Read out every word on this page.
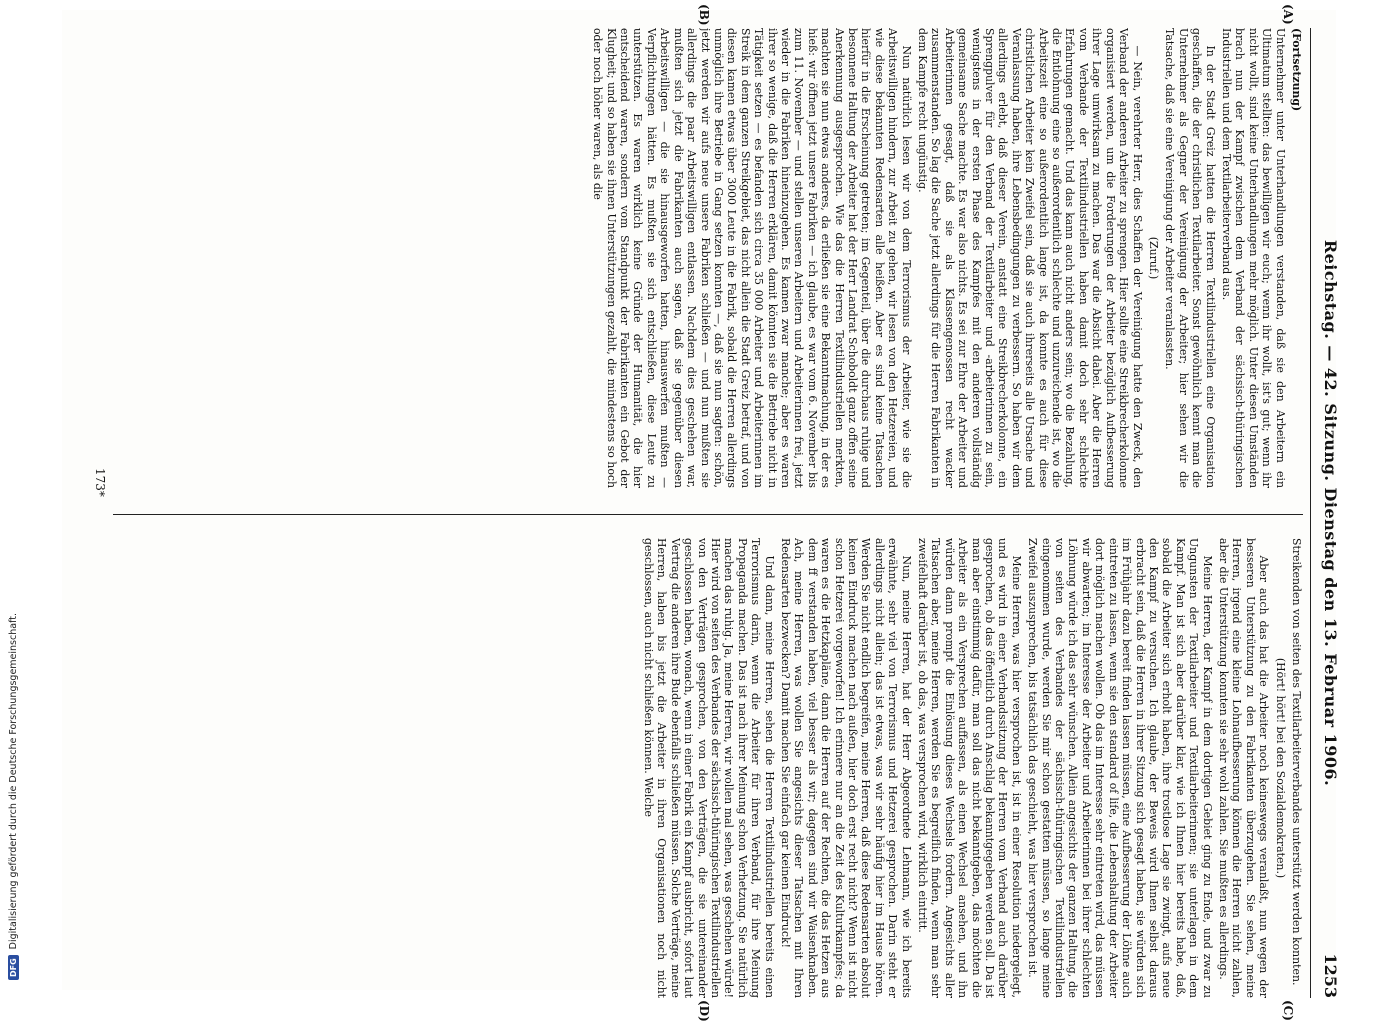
Reichstag. — 42. Sitzung. Dienstag den 13. Februar 1906.
1253

(Fortsetzung)

Unternehmer unter Unterhandlungen verstanden, daß sie den Arbeitern ein Ultimatum stellten: das bewilligen wir euch; wenn ihr wollt, ist's gut; wenn ihr nicht wollt, sind keine Unterhandlungen mehr möglich. Unter diesen Umständen brach nun der Kampf zwischen dem Verband der sächsisch-thüringischen Industriellen und dem Textilarbeiterverband aus.

In der Stadt Greiz hatten die Herren Textilindustriellen eine Organisation geschaffen, die der christlichen Textilarbeiter. Sonst gewöhnlich kennt man die Unternehmer als Gegner der Vereinigung der Arbeiter; hier sehen wir die Tatsache, daß sie eine Vereinigung der Arbeiter veranlassten.

(Zuruf.)

— Nein, verehrter Herr, dies Schaffen der Vereinigung hatte den Zweck, den Verband der anderen Arbeiter zu sprengen. Hier sollte eine Streikbrecherkolonne organisiert werden, um die Forderungen der Arbeiter bezüglich Aufbesserung ihrer Lage umwirksam zu machen. Das war die Absicht dabei. Aber die Herren vom Verbande der Textilindustriellen haben damit doch sehr schlechte Erfahrungen gemacht. Und das kann auch nicht anders sein; wo die Bezahlung, die Entlohnung eine so außerordentlich schlechte und unzureichende ist, wo die Arbeitszeit eine so außerordentlich lange ist, da konnte es auch für diese christlichen Arbeiter kein Zweifel sein, daß sie auch ihrerseits alle Ursache und Veranlassung haben, ihre Lebensbedingungen zu verbessern. So haben wir dem allerdings erlebt, daß dieser Verein, anstatt eine Streikbrecherkolonne, ein Sprengpulver für den Verband der Textilarbeiter und -arbeiterinnen zu sein, wenigstens in der ersten Phase des Kampfes mit den anderen vollständig gemeinsame Sache machte. Es war also nichts. Es sei zur Ehre der Arbeiter und Arbeiterinnen gesagt, daß sie als Klassengenossen recht wacker zusammenstanden. So lag die Sache jetzt allerdings für die Herren Fabrikanten in dem Kampfe recht ungünstig.

Nun natürlich lesen wir von dem Terrorismus der Arbeiter, wie sie die Arbeitswilligen hindern, zur Arbeit zu gehen, wir lesen von den Hetzereien, und wie diese bekannten Redensarten alle heißen. Aber es sind keine Tatsachen hierfür in die Erscheinung getreten; im Gegenteil, über die durchaus ruhige und besonnene Haltung der Arbeiter hat der Herr Landrat Schoboldt ganz offen seine Anerkennung ausgesprochen. Wie das die Herren Textilindustriellen merkten, machten sie nun etwas anderes, da erließen sie eine Bekanntmachung, in der es hieß: wir öffnen jetzt unsere Fabriken — ich glaube, es war vom 6. November bis zum 11. November — und stellen unseren Arbeitern und Arbeiterinnen frei, jetzt wieder in die Fabriken hineinzugehen. Es kamen zwar manche; aber es waren ihrer so wenige, daß die Herren erklären, damit könnten sie die Betriebe nicht in Tätigkeit setzen — es befanden sich circa 35 000 Arbeiter und Arbeiterinnen im Streik in dem ganzen Streikgebiet, das nicht allein die Stadt Greiz betraf, und von diesen kamen etwas über 3000 Leute in die Fabrik, sobald die Herren allerdings unmöglich ihre Betriebe in Gang setzen konnten —, daß sie nun sagten: schön, jetzt werden wir aufs neue unsere Fabriken schließen — und nun mußten sie allerdings die paar Arbeitswilligen entlassen. Nachdem dies geschehen war, mußten sich jetzt die Fabrikanten auch sagen, daß sie gegenüber diesen Arbeitswilligen — die sie hinausgeworfen hatten, hinauswerfen mußten — Verpflichtungen hätten. Es mußten sie sich entschließen, diese Leute zu unterstützen. Es waren wirklich keine Gründe der Humanität, die hier entscheidend waren, sondern vom Standpunkt der Fabrikanten ein Gebot der Klugheit; und so haben sie ihnen Unterstützungen gezahlt, die mindestens so hoch oder noch höher waren, als die

Streikenden von seiten des Textilarbeiterverbandes unterstützt werden konnten.

(Hört! hört! bei den Sozialdemokraten.)

Aber auch das hat die Arbeiter noch keineswegs veranlaßt, nun wegen der besseren Unterstützung zu den Fabrikanten überzugehen. Sie sehen, meine Herren, irgend eine kleine Lohnaufbesserung können die Herren nicht zahlen, aber die Unterstützung konnten sie sehr wohl zahlen. Sie mußten es allerdings.

Meine Herren, der Kampf in dem dortigen Gebiet ging zu Ende, und zwar zu Ungunsten der Textilarbeiter und Textilarbeiterinnen; sie unterlagen in dem Kampf. Man ist sich aber darüber klar, wie ich Ihnen hier bereits habe, daß, sobald die Arbeiter sich erholt haben, ihre trostlose Lage sie zwingt, aufs neue den Kampf zu versuchen. Ich glaube, der Beweis wird Ihnen selbst daraus erbracht sein, daß die Herren in ihrer Sitzung sich gesagt haben, sie würden sich im Frühjahr dazu bereit finden lassen müssen, eine Aufbesserung der Löhne auch eintreten zu lassen, wenn sie den standard of life, die Lebenshaltung der Arbeiter dort möglich machen wollen. Ob das im Interesse sehr eintreten wird, das müssen wir abwarten; im Interesse der Arbeiter und Arbeiterinnen bei ihrer schlechten Löhnung würde ich das sehr wünschen. Allein angesichts der ganzen Haltung, die von seiten des Verbandes der sächsisch-thüringischen Textilindustriellen eingenommen wurde, werden Sie mir schon gestatten müssen, so lange meine Zweifel auszusprechen, bis tatsächlich das geschieht, was hier versprochen ist.

Meine Herren, was hier versprochen ist, ist in einer Resolution niedergelegt, und es wird in einer Verbandssitzung der Herren vom Verband auch darüber gesprochen, ob das öffentlich durch Anschlag bekanntgegeben werden soll. Da ist man aber einstimmig dafür, man soll das nicht bekanntgeben, das möchten die Arbeiter als ein Versprechen auffassen, als einen Wechsel ansehen, und ihn würden dann prompt die Einlösung dieses Wechsels fordern. Angesichts aller Tatsachen aber, meine Herren, werden Sie es begreiflich finden, wenn man sehr zweifelhaft darüber ist, ob das, was versprochen wird, wirklich eintritt.

Nun, meine Herren, hat der Herr Abgeordnete Lehmann, wie ich bereits erwähnte, sehr viel von Terrorismus und Hetzerei gesprochen. Darin steht er allerdings nicht allein; das ist etwas, was wir sehr häufig hier im Hause hören. Werden Sie nicht endlich begreifen, meine Herren, daß diese Redensarten absolut keinen Eindruck machen nach außen, hier doch erst recht nicht? Wenn ist nicht schon Hetzerei vorgeworfen! Ich erinnere nur an die Zeit des Kulturkampfes; da waren es die Hetzkapläne, dann die Herren auf der Rechten, die das Hetzen aus dem ff verstanden haben, viel besser als wir; dagegen sind wir Waisenknaben. Ach, meine Herren, was wollen Sie angesichts dieser Tatsachen mit Ihren Redensarten bezwecken? Damit machen Sie einfach gar keinen Eindruck!

Und dann, meine Herren, sehen die Herren Textilindustriellen bereits einen Terrorismus darin, wenn die Arbeiter für ihren Verband, für ihre Meinung Propaganda machen. Das ist nach ihrer Meinung schon Verhetzung. Sie natürlich machen das ruhig. Ja, meine Herren, wir wollen mal sehen, was geschehen würde! Hier wird von seiten des Verbandes der sächsisch-thüringischen Textilindustriellen von den Verträgen gesprochen, von den Verträgen, die sie untereinander geschlossen haben, wonach, wenn in einer Fabrik ein Kampf ausbricht, sofort laut Vertrag die anderen ihre Bude ebenfalls schließen müssen. Solche Verträge, meine Herren, haben bis jetzt die Arbeiter in ihren Organisationen noch nicht geschlossen, auch nicht schließen können. Welche

(A)
(B)
(C)
(D)
173*
DFG
Digitalisierung gefördert durch die Deutsche Forschungsgemeinschaft.
